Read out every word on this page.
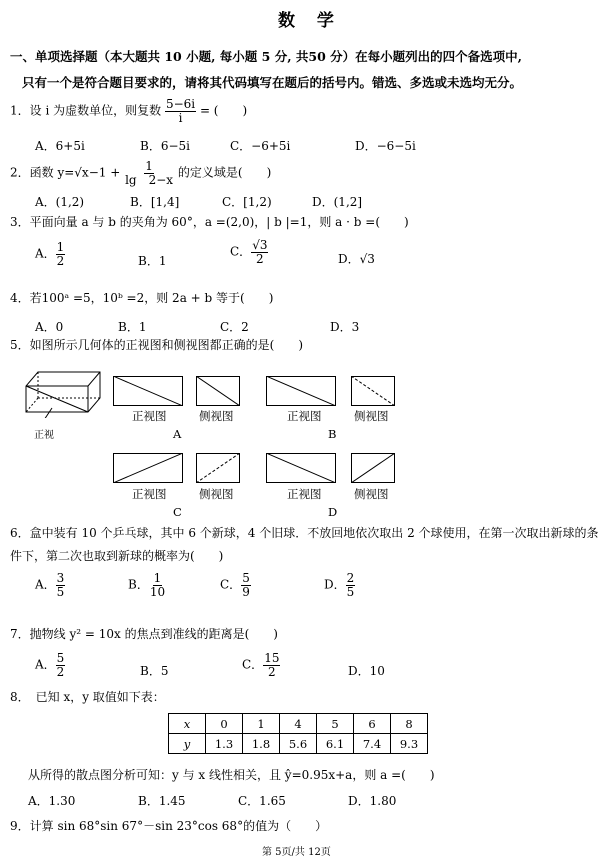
数 学
一、单项选择题（本大题共 10 小题, 每小题 5 分, 共50 分）在每小题列出的四个备选项中,
只有一个是符合题目要求的，请将其代码填写在题后的括号内。错选、多选或未选均无分。
1．设 i 为虚数单位，则复数 $\frac{5-6i}{i}$ = (　　)
A．6+5i	B．6−5i	C．−6+5i	D．−6−5i
2．函数 $y=√x-1 + \frac{1}{\lg 2-x}$ 的定义域是(　　)
A．(1,2)	B．[1,4]	C．[1,2)	D．(1,2]
3．平面向量 a 与 b 的夹角为 60°，a =(2,0)，| b |=1，则 a · b =(　　)
A． $\frac{1}{2}$	B．1
C． $\frac{√3}{2}$	D．√3
4．若100ᵃ =5，10ᵇ =2，则 2a + b 等于(　　)
A．0	B．1	C．2	D．3
5．如图所示几何体的正视图和侧视图都正确的是(　　)
正视
正视图	侧视图
A
正视图	侧视图
B
正视图	侧视图
C
正视图	侧视图
D
6．盒中装有 10 个乒乓球，其中 6 个新球，4 个旧球．不放回地依次取出 2 个球使用，在第一次取出新球的条
件下，第二次也取到新球的概率为(　　)
A． $\frac{3}{5}$	B． $\frac{1}{10}$	C． $\frac{5}{9}$	D． $\frac{2}{5}$
7．抛物线 y² = 10x 的焦点到准线的距离是(　　)
A． $\frac{5}{2}$	B．5	C． $\frac{15}{2}$	D．10
8．　已知 x，y 取值如下表：
x	0	1	4	5	6	8
y	1.3	1.8	5.6	6.1	7.4	9.3
从所得的散点图分析可知：y 与 x 线性相关，且 ŷ=0.95x+a，则 a =(　　)
A．1.30	B．1.45	C．1.65	D．1.80
9．计算 sin 68°sin 67°－sin 23°cos 68°的值为（　　）
第 5页/共 12页
